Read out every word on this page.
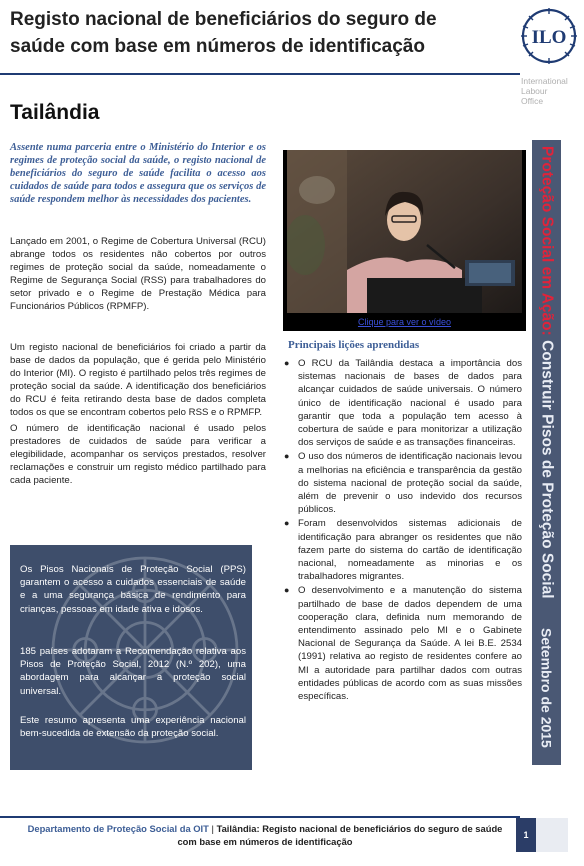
Registo nacional de beneficiários do seguro de saúde com base em números de identificação	ILO
International
Labour
Office
Tailândia
Assente numa parceria entre o Ministério do Interior e os regimes de proteção social da saúde, o registo nacional de beneficiários do seguro de saúde facilita o acesso aos cuidados de saúde para todos e assegura que os serviços de saúde respondem melhor às necessidades dos pacientes.

Lançado em 2001, o Regime de Cobertura Universal (RCU) abrange todos os residentes não cobertos por outros regimes de proteção social da saúde, nomeadamente o Regime de Segurança Social (RSS) para trabalhadores do setor privado e o Regime de Prestação Médica para Funcionários Públicos (RPMFP).

Um registo nacional de beneficiários foi criado a partir da base de dados da população, que é gerida pelo Ministério do Interior (MI). O registo é partilhado pelos três regimes de proteção social da saúde. A identificação dos beneficiários do RCU é feita retirando desta base de dados completa todos os que se encontram cobertos pelo RSS e o RPMFP.

O número de identificação nacional é usado pelos prestadores de cuidados de saúde para verificar a elegibilidade, acompanhar os serviços prestados, resolver reclamações e construir um registo médico partilhado para cada paciente.

Os Pisos Nacionais de Proteção Social (PPS) garantem o acesso a cuidados essenciais de saúde e a uma segurança básica de rendimento para crianças, pessoas em idade ativa e idosos.

185 países adotaram a Recomendação relativa aos Pisos de Proteção Social, 2012 (N.º 202), uma abordagem para alcançar a proteção social universal.

Este resumo apresenta uma experiência nacional bem-sucedida de extensão da proteção social.

Clique para ver o vídeo
Principais lições aprendidas
● O RCU da Tailândia destaca a importância dos sistemas nacionais de bases de dados para alcançar cuidados de saúde universais. O número único de identificação nacional é usado para garantir que toda a população tem acesso à cobertura de saúde e para monitorizar a utilização dos serviços de saúde e as transações financeiras.
● O uso dos números de identificação nacionais levou a melhorias na eficiência e transparência da gestão do sistema nacional de proteção social da saúde, além de prevenir o uso indevido dos recursos públicos.
● Foram desenvolvidos sistemas adicionais de identificação para abranger os residentes que não fazem parte do sistema do cartão de identificação nacional, nomeadamente as minorias e os trabalhadores migrantes.
● O desenvolvimento e a manutenção do sistema partilhado de base de dados dependem de uma cooperação clara, definida num memorando de entendimento assinado pelo MI e o Gabinete Nacional de Segurança da Saúde. A lei B.E. 2534 (1991) relativa ao registo de residentes confere ao MI a autoridade para partilhar dados com outras entidades públicas de acordo com as suas missões específicas.
Proteção Social em Ação: Construir Pisos de Proteção Social
Setembro de 2015
Departamento de Proteção Social da OIT | Tailândia: Registo nacional de beneficiários do seguro de saúde com base em números de identificação
1
